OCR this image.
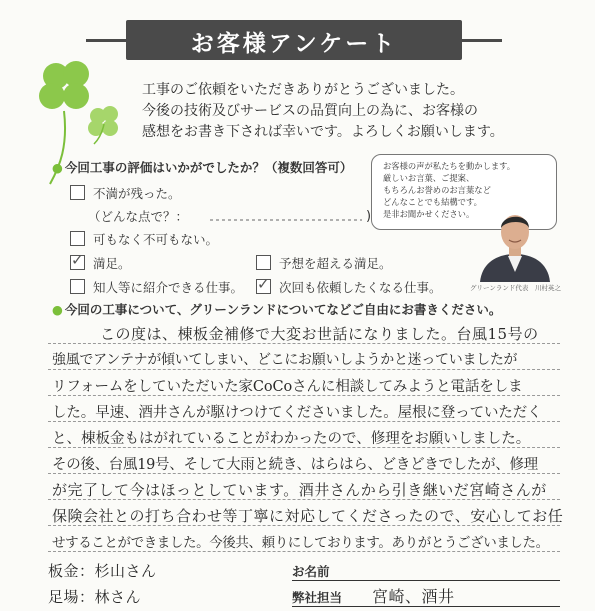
お客様アンケート
工事のご依頼をいただきありがとうございました。
今後の技術及びサービスの品質向上の為に、お客様の
感想をお書き下されば幸いです。よろしくお願いします。
● 今回工事の評価はいかがでしたか？（複数回答可）
不満が残った。
（どんな点で？：	)
可もなく不可もない。
✓満足。	予想を超える満足。
知人等に紹介できる仕事。
✓	次回も依頼したくなる仕事。
お客様の声が私たちを動かします。
厳しいお言葉、ご提案、
もちろんお誉めのお言葉など
どんなことでも結構です。
是非お聞かせください。
グリーンランド代表　川村英之
● 今回の工事について、グリーンランドについてなどご自由にお書きください。
この度は、棟板金補修で大変お世話になりました。台風15号の
強風でアンテナが傾いてしまい、どこにお願いしようかと迷っていましたが
リフォームをしていただいた家CoCoさんに相談してみようと電話をしま
した。早速、酒井さんが駆けつけてくださいました。屋根に登っていただく
と、棟板金もはがれていることがわかったので、修理をお願いしました。
その後、台風19号、そして大雨と続き、はらはら、どきどきでしたが、修理
が完了して今はほっとしています。酒井さんから引き継いだ宮崎さんが
保険会社との打ち合わせ等丁寧に対応してくださったので、安心してお任
せすることができました。今後共、頼りにしております。ありがとうございました。
板金：杉山さん
足場：林さん
お名前
弊社担当 宮崎、酒井
